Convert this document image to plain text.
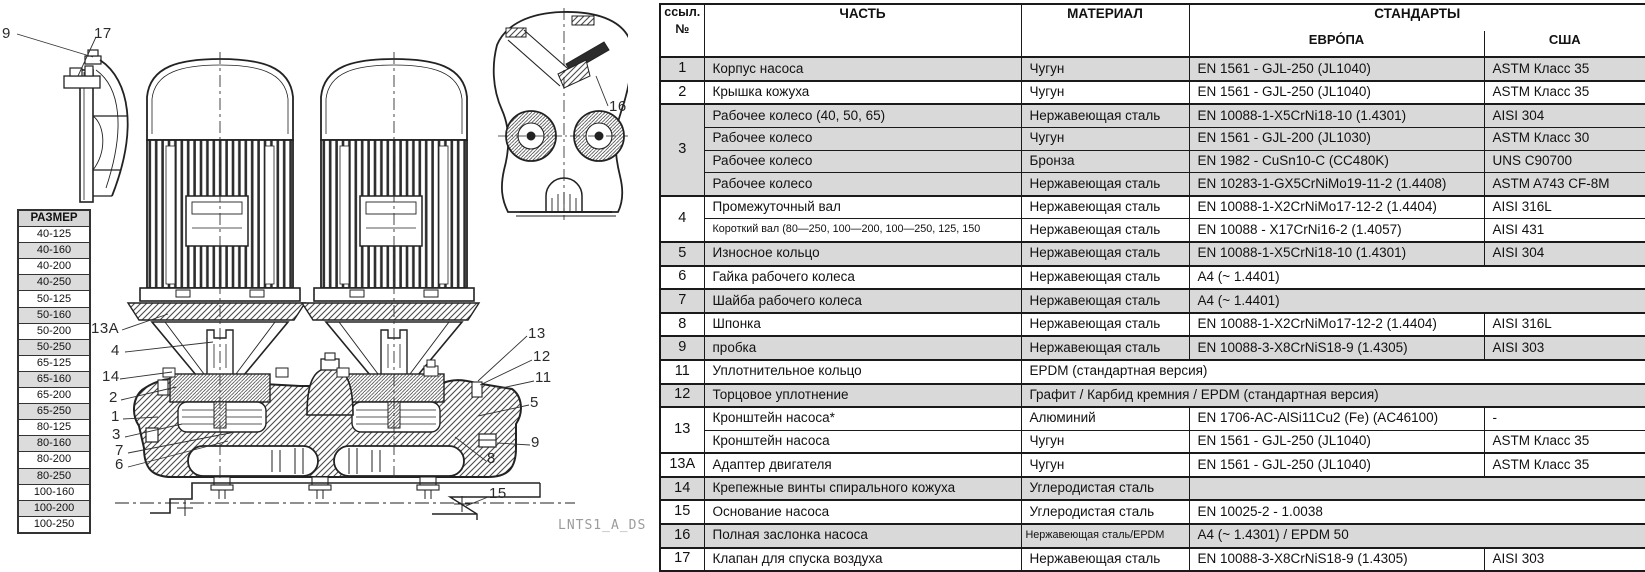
9	17
16
13A
4
14
2
1
3
7
6
13
12
11
5
9
8
15
LNTS1_A_DS
РАЗМЕР
40-125
40-160
40-200
40-250
50-125
50-160
50-200
50-250
65-125
65-160
65-200
65-250
80-125
80-160
80-200
80-250
100-160
100-200
100-250
ссыл.
№	ЧАСТЬ	МАТЕРИАЛ	СТАНДАРТЫ	
			ЕВРО́ПА	США
1	Корпус насоса	Чугун	EN 1561 - GJL-250 (JL1040)	ASTM Класс 35
2	Крышка кожуха	Чугун	EN 1561 - GJL-250 (JL1040)	ASTM Класс 35
3	Рабочее колесо (40, 50, 65)	Нержавеющая сталь	EN 10088-1-X5CrNi18-10 (1.4301)	AISI 304
	Рабочее колесо	Чугун	EN 1561 - GJL-200 (JL1030)	ASTM Класс 30
	Рабочее колесо	Бронза	EN 1982 - CuSn10-C (CC480K)	UNS C90700
	Рабочее колесо	Нержавеющая сталь	EN 10283-1-GX5CrNiMo19-11-2 (1.4408)	ASTM A743 CF-8M
4	Промежуточный вал	Нержавеющая сталь	EN 10088-1-X2CrNiMo17-12-2 (1.4404)	AISI 316L
	Короткий вал (80—250, 100—200, 100—250, 125, 150	Нержавеющая сталь	EN 10088 - X17CrNi16-2 (1.4057)	AISI 431
5	Износное кольцо	Нержавеющая сталь	EN 10088-1-X5CrNi18-10 (1.4301)	AISI 304
6	Гайка рабочего колеса	Нержавеющая сталь	A4 (~ 1.4401)	
7	Шайба рабочего колеса	Нержавеющая сталь	A4 (~ 1.4401)	
8	Шпонка	Нержавеющая сталь	EN 10088-1-X2CrNiMo17-12-2 (1.4404)	AISI 316L
9	пробка	Нержавеющая сталь	EN 10088-3-X8CrNiS18-9 (1.4305)	AISI 303
11	Уплотнительное кольцо	EPDM (стандартная версия)		
12	Торцовое уплотнение	Графит / Карбид кремния / EPDM (стандартная версия)		
13	Кронштейн насоса*	Алюминий	EN 1706-AC-AlSi11Cu2 (Fe) (AC46100)	-
	Кронштейн насоса	Чугун	EN 1561 - GJL-250 (JL1040)	ASTM Класс 35
13A	Адаптер двигателя	Чугун	EN 1561 - GJL-250 (JL1040)	ASTM Класс 35
14	Крепежные винты спирального кожуха	Углеродистая сталь		
15	Основание насоса	Углеродистая сталь	EN 10025-2 - 1.0038	
16	Полная заслонка насоса	Нержавеющая сталь/EPDM	A4 (~ 1.4301) / EPDM 50	
17	Клапан для спуска воздуха	Нержавеющая сталь	EN 10088-3-X8CrNiS18-9 (1.4305)	AISI 303
